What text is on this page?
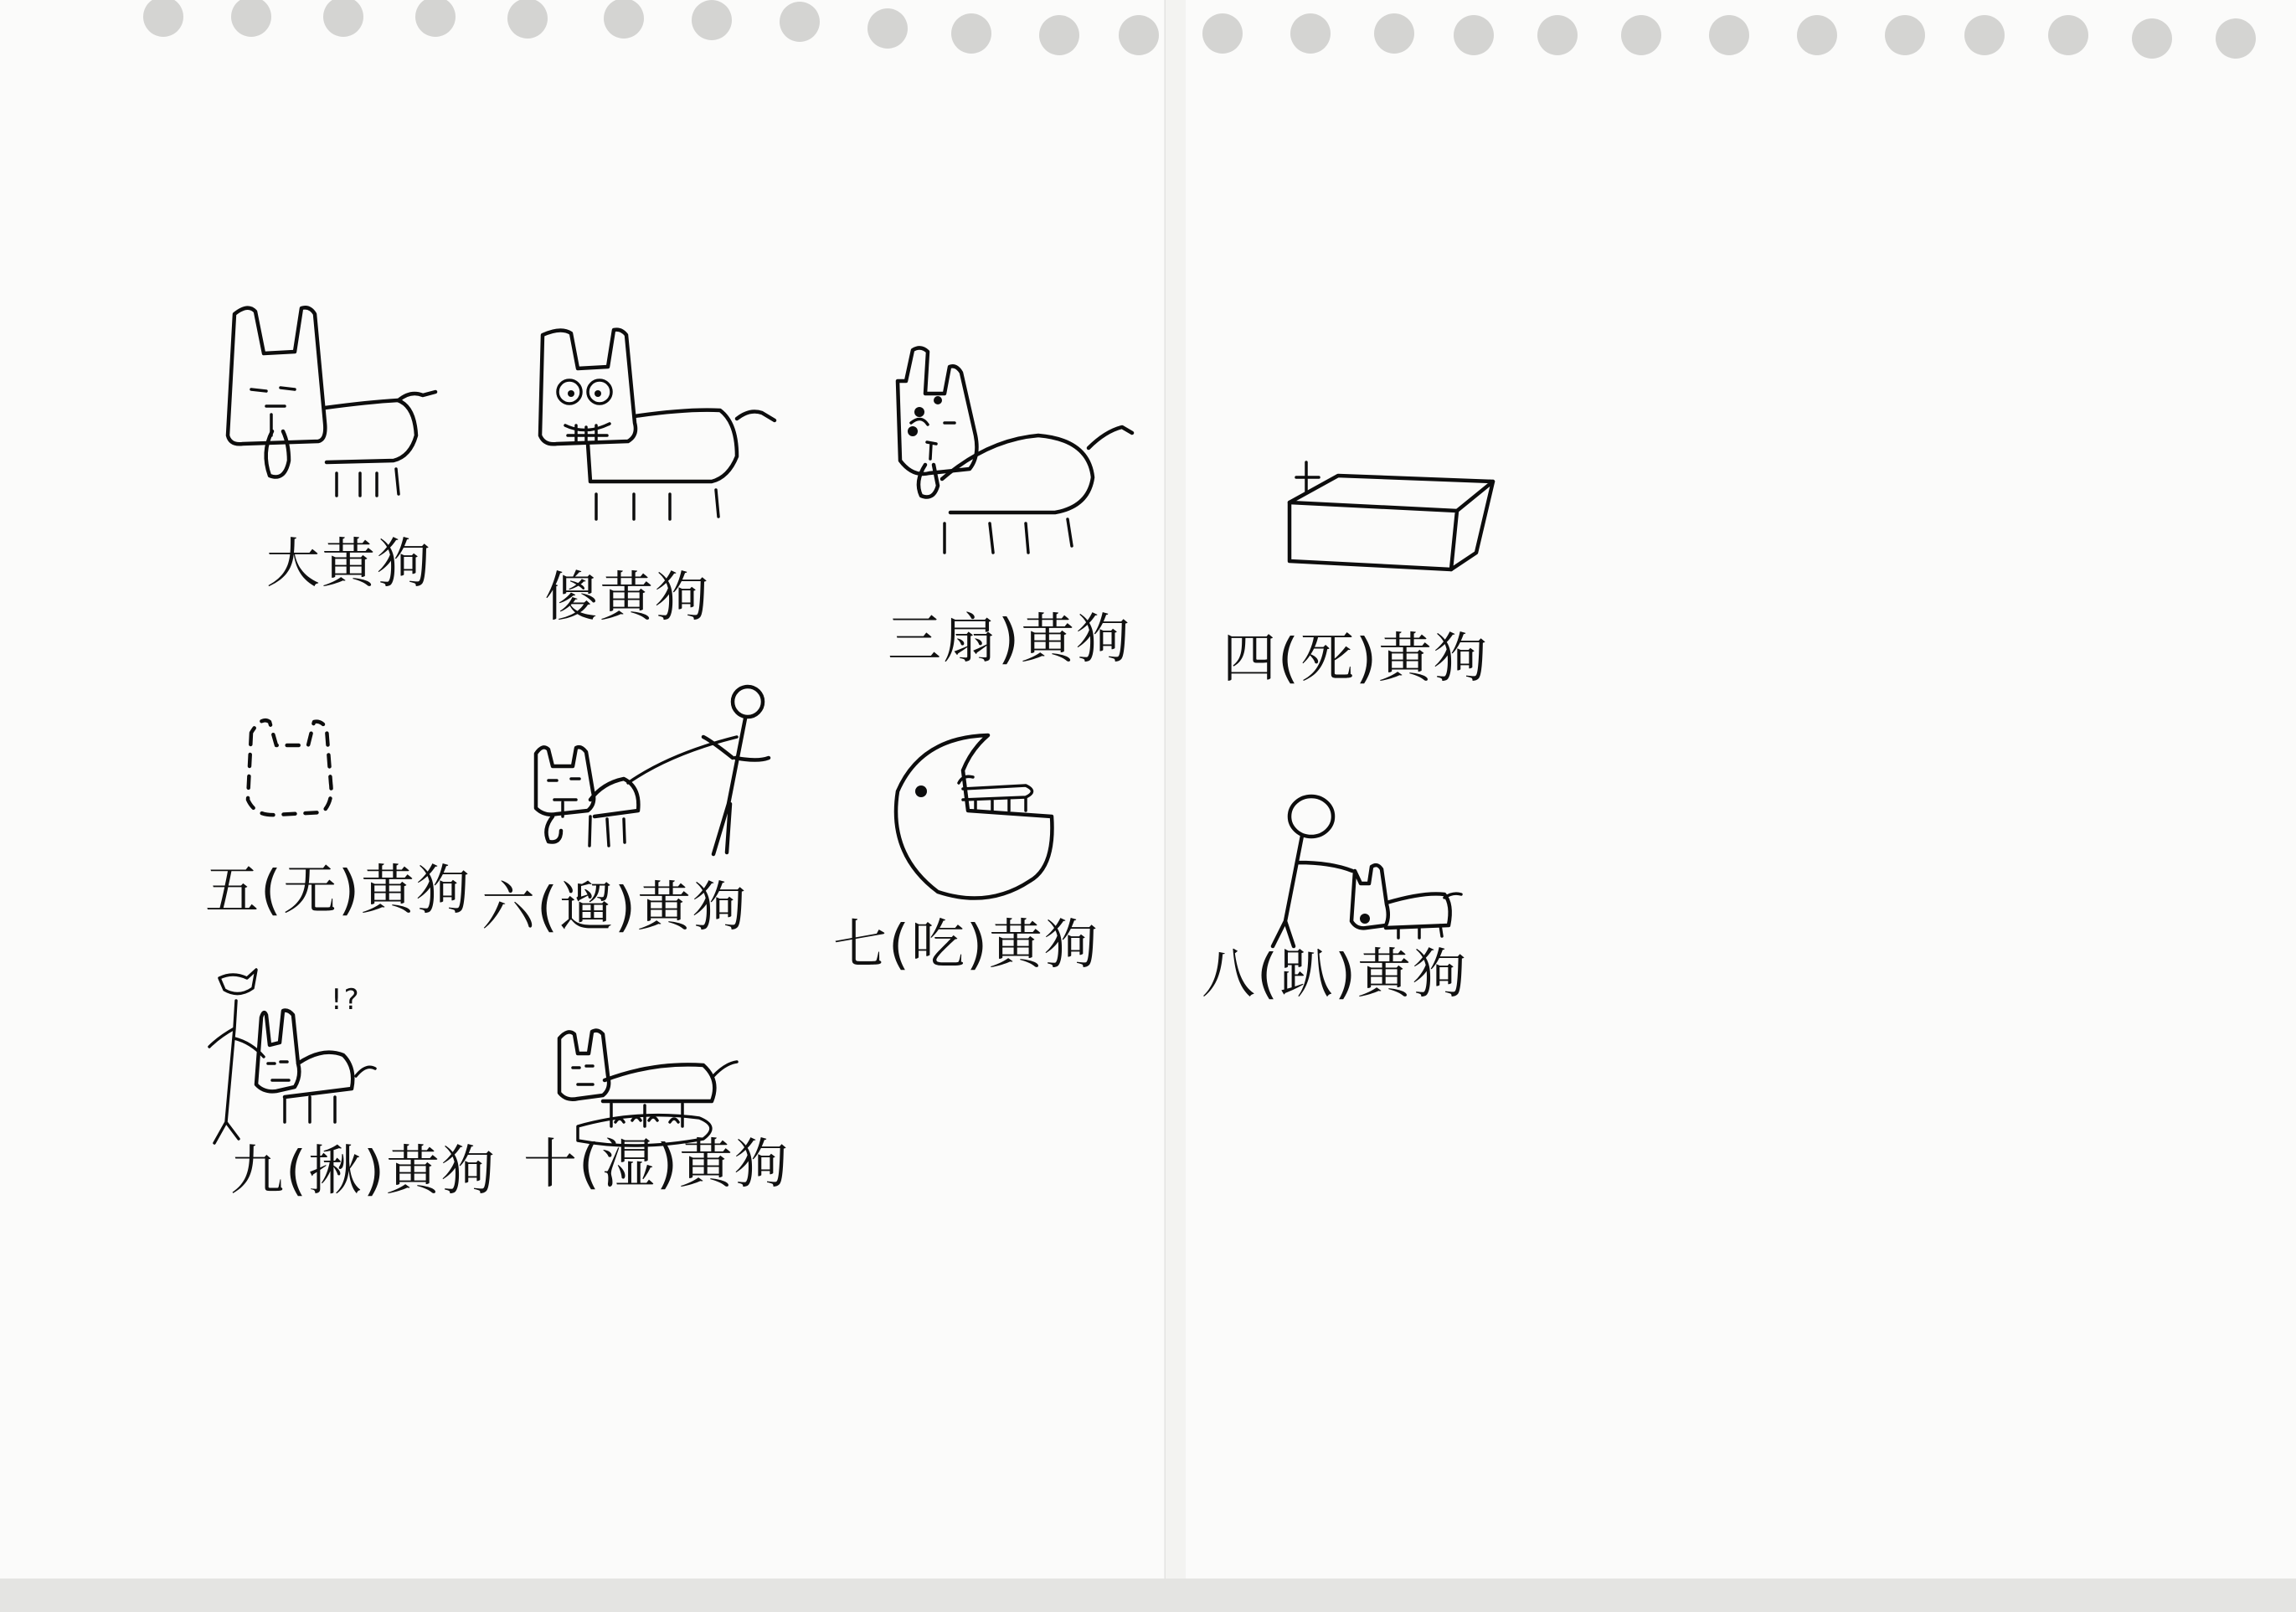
大黄狗
傻黄狗
三扇)黄狗 四(死)黄狗
五(无)黄狗 六(遛)黄狗
七(吃)黄狗 八(趴)黄狗
九(揪)黄狗 十(湿)黄狗
!?
